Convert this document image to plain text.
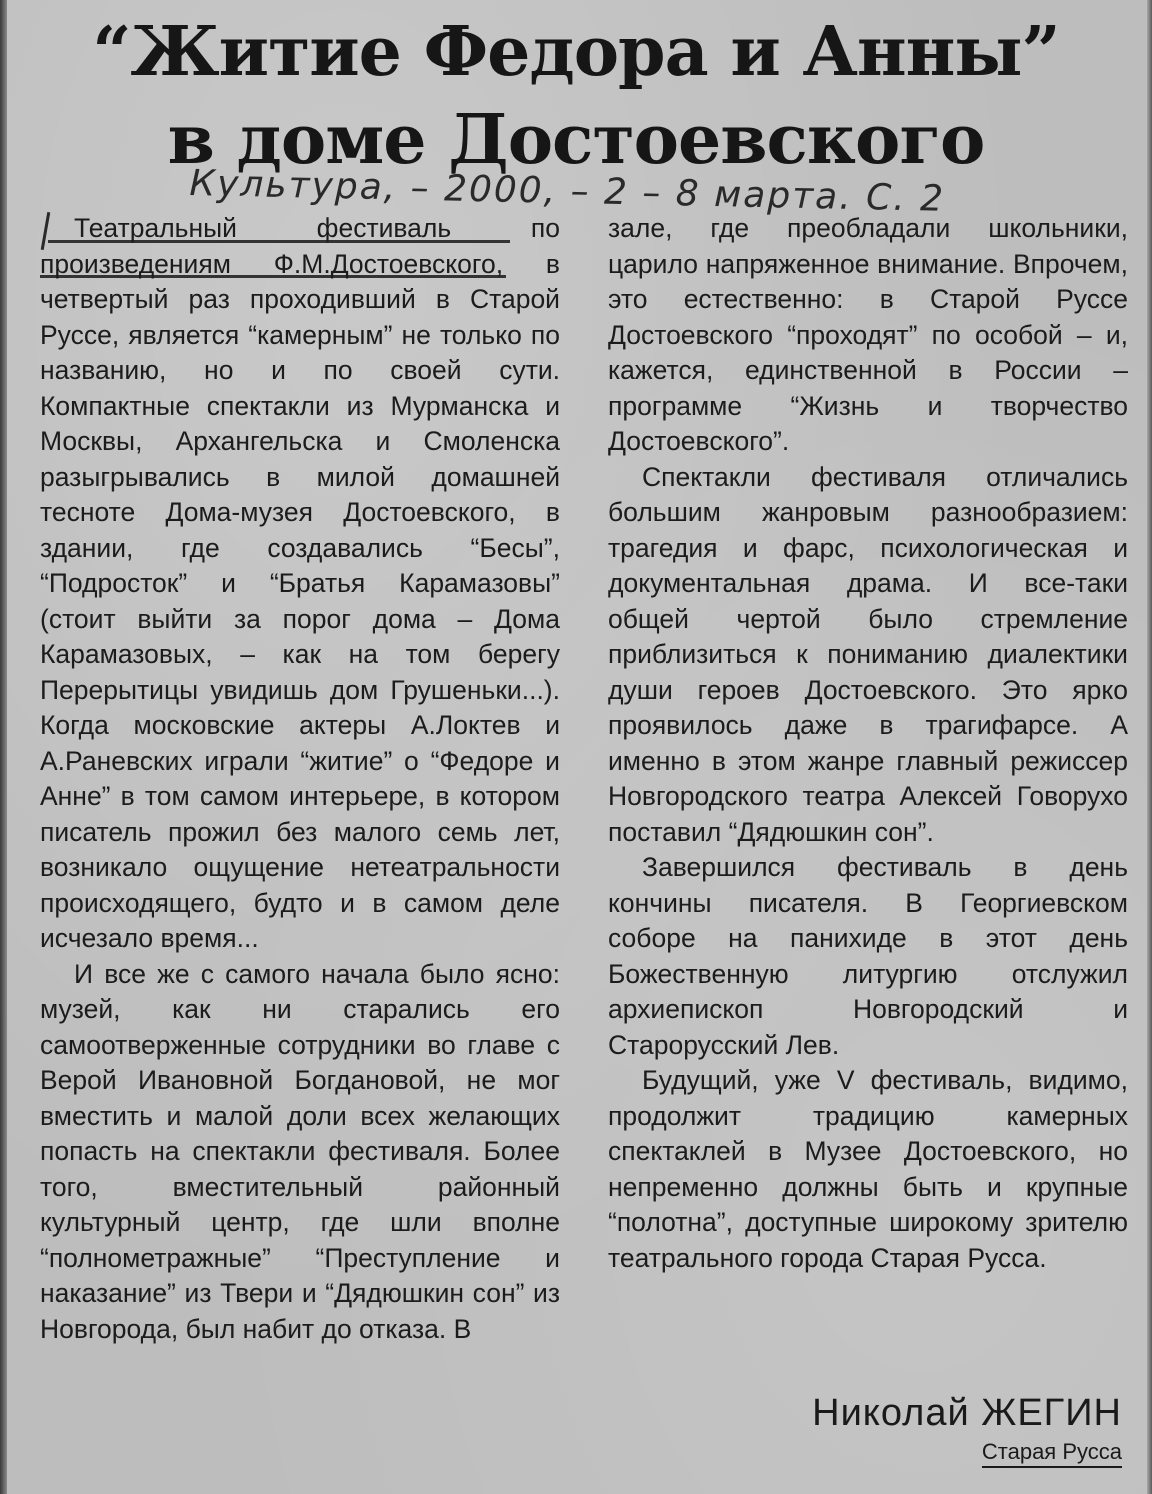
“Житие Федора и Анны”
в доме Достоевского
Культура, – 2000, – 2 – 8 марта. С. 2

Театральный фестиваль по произведениям Ф.М.Достоевского, в четвертый раз проходивший в Старой Руссе, является “камерным” не только по названию, но и по своей сути. Компактные спектакли из Мурманска и Москвы, Архангельска и Смоленска разыгрывались в милой домашней тесноте Дома-музея Достоевского, в здании, где создавались “Бесы”, “Подросток” и “Братья Карамазовы” (стоит выйти за порог дома – Дома Карамазовых, – как на том берегу Перерытицы увидишь дом Грушеньки...). Когда московские актеры А.Локтев и А.Раневских играли “житие” о “Федоре и Анне” в том самом интерьере, в котором писатель прожил без малого семь лет, возникало ощущение нетеатральности происходящего, будто и в самом деле исчезало время...

И все же с самого начала было ясно: музей, как ни старались его самоотверженные сотрудники во главе с Верой Ивановной Богдановой, не мог вместить и малой доли всех желающих попасть на спектакли фестиваля. Более того, вместительный районный культурный центр, где шли вполне “полнометражные” “Преступление и наказание” из Твери и “Дядюшкин сон” из Новгорода, был набит до отказа. В

зале, где преобладали школьники, царило напряженное внимание. Впрочем, это естественно: в Старой Руссе Достоевского “проходят” по особой – и, кажется, единственной в России – программе “Жизнь и творчество Достоевского”.

Спектакли фестиваля отличались большим жанровым разнообразием: трагедия и фарс, психологическая и документальная драма. И все-таки общей чертой было стремление приблизиться к пониманию диалектики души героев Достоевского. Это ярко проявилось даже в трагифарсе. А именно в этом жанре главный режиссер Новгородского театра Алексей Говорухо поставил “Дядюшкин сон”.

Завершился фестиваль в день кончины писателя. В Георгиевском соборе на панихиде в этот день Божественную литургию отслужил архиепископ Новгородский и Старорусский Лев.

Будущий, уже V фестиваль, видимо, продолжит традицию камерных спектаклей в Музее Достоевского, но непременно должны быть и крупные “полотна”, доступные широкому зрителю театрального города Старая Русса.

Николай ЖЕГИН
Старая Русса
